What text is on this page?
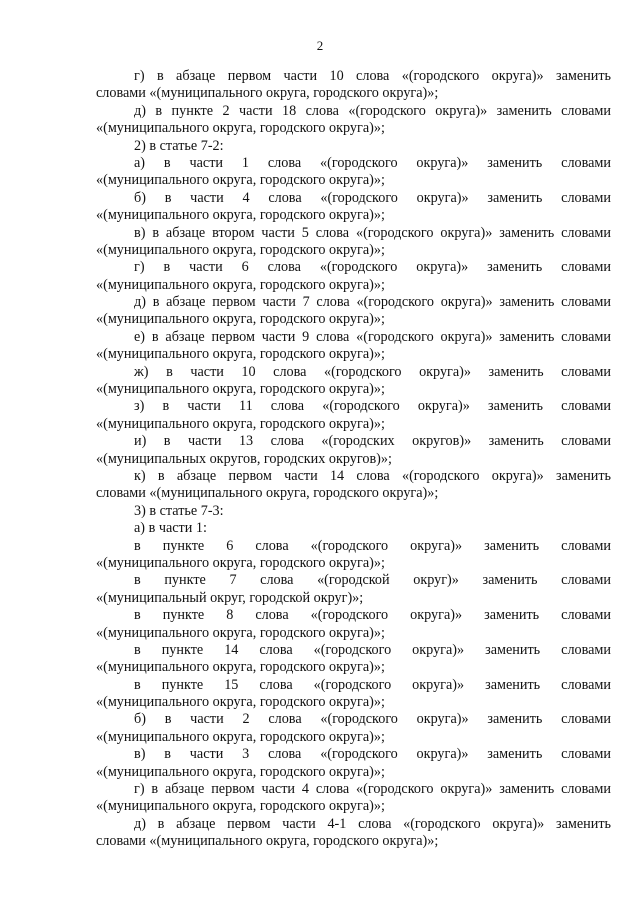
2
г) в абзаце первом части 10 слова «(городского округа)» заменить
словами «(муниципального округа, городского округа)»;
д) в пункте 2 части 18 слова «(городского округа)» заменить словами
«(муниципального округа, городского округа)»;
2) в статье 7-2:
а) в части 1 слова «(городского округа)» заменить словами
«(муниципального округа, городского округа)»;
б) в части 4 слова «(городского округа)» заменить словами
«(муниципального округа, городского округа)»;
в) в абзаце втором части 5 слова «(городского округа)» заменить словами
«(муниципального округа, городского округа)»;
г) в части 6 слова «(городского округа)» заменить словами
«(муниципального округа, городского округа)»;
д) в абзаце первом части 7 слова «(городского округа)» заменить словами
«(муниципального округа, городского округа)»;
е) в абзаце первом части 9 слова «(городского округа)» заменить словами
«(муниципального округа, городского округа)»;
ж) в части 10 слова «(городского округа)» заменить словами
«(муниципального округа, городского округа)»;
з) в части 11 слова «(городского округа)» заменить словами
«(муниципального округа, городского округа)»;
и) в части 13 слова «(городских округов)» заменить словами
«(муниципальных округов, городских округов)»;
к) в абзаце первом части 14 слова «(городского округа)» заменить
словами «(муниципального округа, городского округа)»;
3) в статье 7-3:
а) в части 1:
в пункте 6 слова «(городского округа)» заменить словами
«(муниципального округа, городского округа)»;
в пункте 7 слова «(городской округ)» заменить словами
«(муниципальный округ, городской округ)»;
в пункте 8 слова «(городского округа)» заменить словами
«(муниципального округа, городского округа)»;
в пункте 14 слова «(городского округа)» заменить словами
«(муниципального округа, городского округа)»;
в пункте 15 слова «(городского округа)» заменить словами
«(муниципального округа, городского округа)»;
б) в части 2 слова «(городского округа)» заменить словами
«(муниципального округа, городского округа)»;
в) в части 3 слова «(городского округа)» заменить словами
«(муниципального округа, городского округа)»;
г) в абзаце первом части 4 слова «(городского округа)» заменить словами
«(муниципального округа, городского округа)»;
д) в абзаце первом части 4-1 слова «(городского округа)» заменить
словами «(муниципального округа, городского округа)»;
